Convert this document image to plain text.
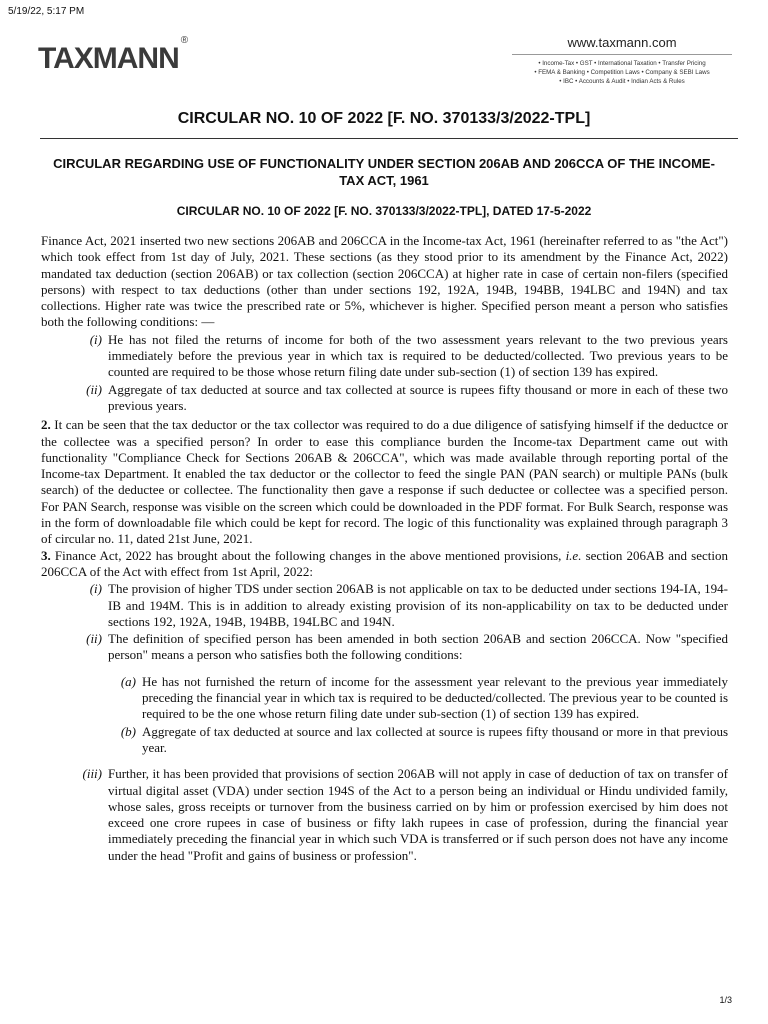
5/19/22, 5:17 PM
TAXMANN®	www.taxmann.com
• Income-Tax • GST • International Taxation • Transfer Pricing
• FEMA & Banking • Competition Laws • Company & SEBI Laws
• IBC • Accounts & Audit • Indian Acts & Rules
CIRCULAR NO. 10 OF 2022 [F. NO. 370133/3/2022-TPL]
CIRCULAR REGARDING USE OF FUNCTIONALITY UNDER SECTION 206AB AND 206CCA OF THE INCOME-TAX ACT, 1961
CIRCULAR NO. 10 OF 2022 [F. NO. 370133/3/2022-TPL], DATED 17-5-2022

Finance Act, 2021 inserted two new sections 206AB and 206CCA in the Income-tax Act, 1961 (hereinafter referred to as "the Act") which took effect from 1st day of July, 2021. These sections (as they stood prior to its amendment by the Finance Act, 2022) mandated tax deduction (section 206AB) or tax collection (section 206CCA) at higher rate in case of certain non-filers (specified persons) with respect to tax deductions (other than under sections 192, 192A, 194B, 194BB, 194LBC and 194N) and tax collections. Higher rate was twice the prescribed rate or 5%, whichever is higher. Specified person meant a person who satisfies both the following conditions: —

(i) He has not filed the returns of income for both of the two assessment years relevant to the two previous years immediately before the previous year in which tax is required to be deducted/collected. Two previous years to be counted are required to be those whose return filing date under sub-section (1) of section 139 has expired.
(ii) Aggregate of tax deducted at source and tax collected at source is rupees fifty thousand or more in each of these two previous years.

2. It can be seen that the tax deductor or the tax collector was required to do a due diligence of satisfying himself if the deductce or the collectee was a specified person? In order to ease this compliance burden the Income-tax Department came out with functionality "Compliance Check for Sections 206AB & 206CCA", which was made available through reporting portal of the Income-tax Department. It enabled the tax deductor or the collector to feed the single PAN (PAN search) or multiple PANs (bulk search) of the deductee or collectee. The functionality then gave a response if such deductee or collectee was a specified person. For PAN Search, response was visible on the screen which could be downloaded in the PDF format. For Bulk Search, response was in the form of downloadable file which could be kept for record. The logic of this functionality was explained through paragraph 3 of circular no. 11, dated 21st June, 2021.

3. Finance Act, 2022 has brought about the following changes in the above mentioned provisions, i.e. section 206AB and section 206CCA of the Act with effect from 1st April, 2022:

(i) The provision of higher TDS under section 206AB is not applicable on tax to be deducted under sections 194-IA, 194-IB and 194M. This is in addition to already existing provision of its non-applicability on tax to be deducted under sections 192, 192A, 194B, 194BB, 194LBC and 194N.
(ii) The definition of specified person has been amended in both section 206AB and section 206CCA. Now "specified person" means a person who satisfies both the following conditions:
(a) He has not furnished the return of income for the assessment year relevant to the previous year immediately preceding the financial year in which tax is required to be deducted/collected. The previous year to be counted is required to be the one whose return filing date under sub-section (1) of section 139 has expired.
(b) Aggregate of tax deducted at source and lax collected at source is rupees fifty thousand or more in that previous year.
(iii) Further, it has been provided that provisions of section 206AB will not apply in case of deduction of tax on transfer of virtual digital asset (VDA) under section 194S of the Act to a person being an individual or Hindu undivided family, whose sales, gross receipts or turnover from the business carried on by him or profession exercised by him does not exceed one crore rupees in case of business or fifty lakh rupees in case of profession, during the financial year immediately preceding the financial year in which such VDA is transferred or if such person does not have any income under the head "Profit and gains of business or profession".
1/3
